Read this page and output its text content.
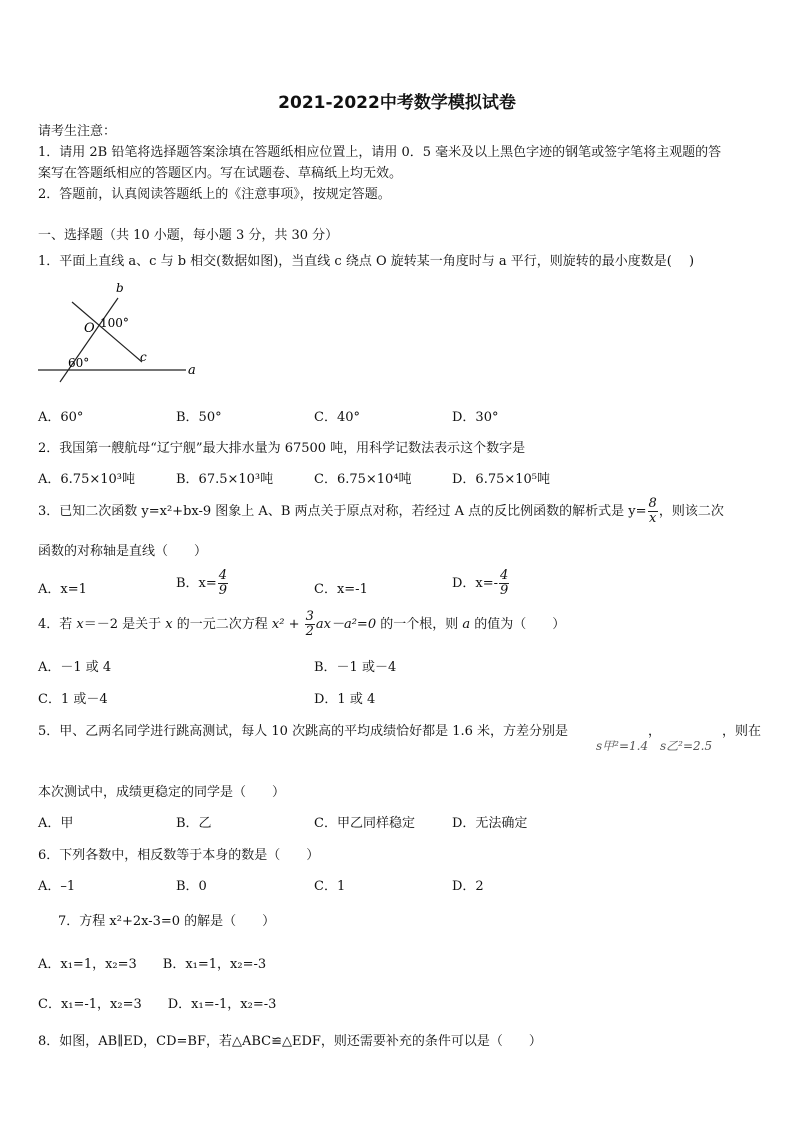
2021-2022中考数学模拟试卷
请考生注意：
1．请用 2B 铅笔将选择题答案涂填在答题纸相应位置上，请用 0．5 毫米及以上黑色字迹的钢笔或签字笔将主观题的答
案写在答题纸相应的答题区内。写在试题卷、草稿纸上均无效。
2．答题前，认真阅读答题纸上的《注意事项》，按规定答题。
一、选择题（共 10 小题，每小题 3 分，共 30 分）
1．平面上直线 a、c 与 b 相交(数据如图)，当直线 c 绕点 O 旋转某一角度时与 a 平行，则旋转的最小度数是(　 )
b
O 100°
c
60°	a
A．60°	B．50°	C．40°	D．30°
2．我国第一艘航母“辽宁舰”最大排水量为 67500 吨，用科学记数法表示这个数字是
A．6.75×10³吨	B．67.5×10³吨	C．6.75×10⁴吨	D．6.75×10⁵吨
3．已知二次函数 y=x²+bx-9 图象上 A、B 两点关于原点对称，若经过 A 点的反比例函数的解析式是 $y= \frac{8}{x}$ ，则该二次
函数的对称轴是直线（　　）
A．x=1	B．$x= \frac{4}{9}$	C．x=-1	D．$x=- \frac{4}{9}$
4．若 x＝－2 是关于 x 的一元二次方程 $x^2 + \frac{3}{2} ax-a^2=0$ 的一个根，则 a 的值为（　　）
A．－1 或 4	B．－1 或－4
C．1 或－4	D．1 或 4
5．甲、乙两名同学进行跳高测试，每人 10 次跳高的平均成绩恰好都是 1.6 米，方差分别是
s甲²=1.4
，
s乙²=2.5
，则在
本次测试中，成绩更稳定的同学是（　　）
A．甲	B．乙	C．甲乙同样稳定	D．无法确定
6．下列各数中，相反数等于本身的数是（　　）
A．–1	B．0	C．1	D．2
7．方程 x²+2x-3=0 的解是（　　）
A．x₁=1，x₂=3　　B．x₁=1，x₂=-3
C．x₁=-1，x₂=3　　D．x₁=-1，x₂=-3
8．如图，AB∥ED，CD=BF，若△ABC≌△EDF，则还需要补充的条件可以是（　　）
